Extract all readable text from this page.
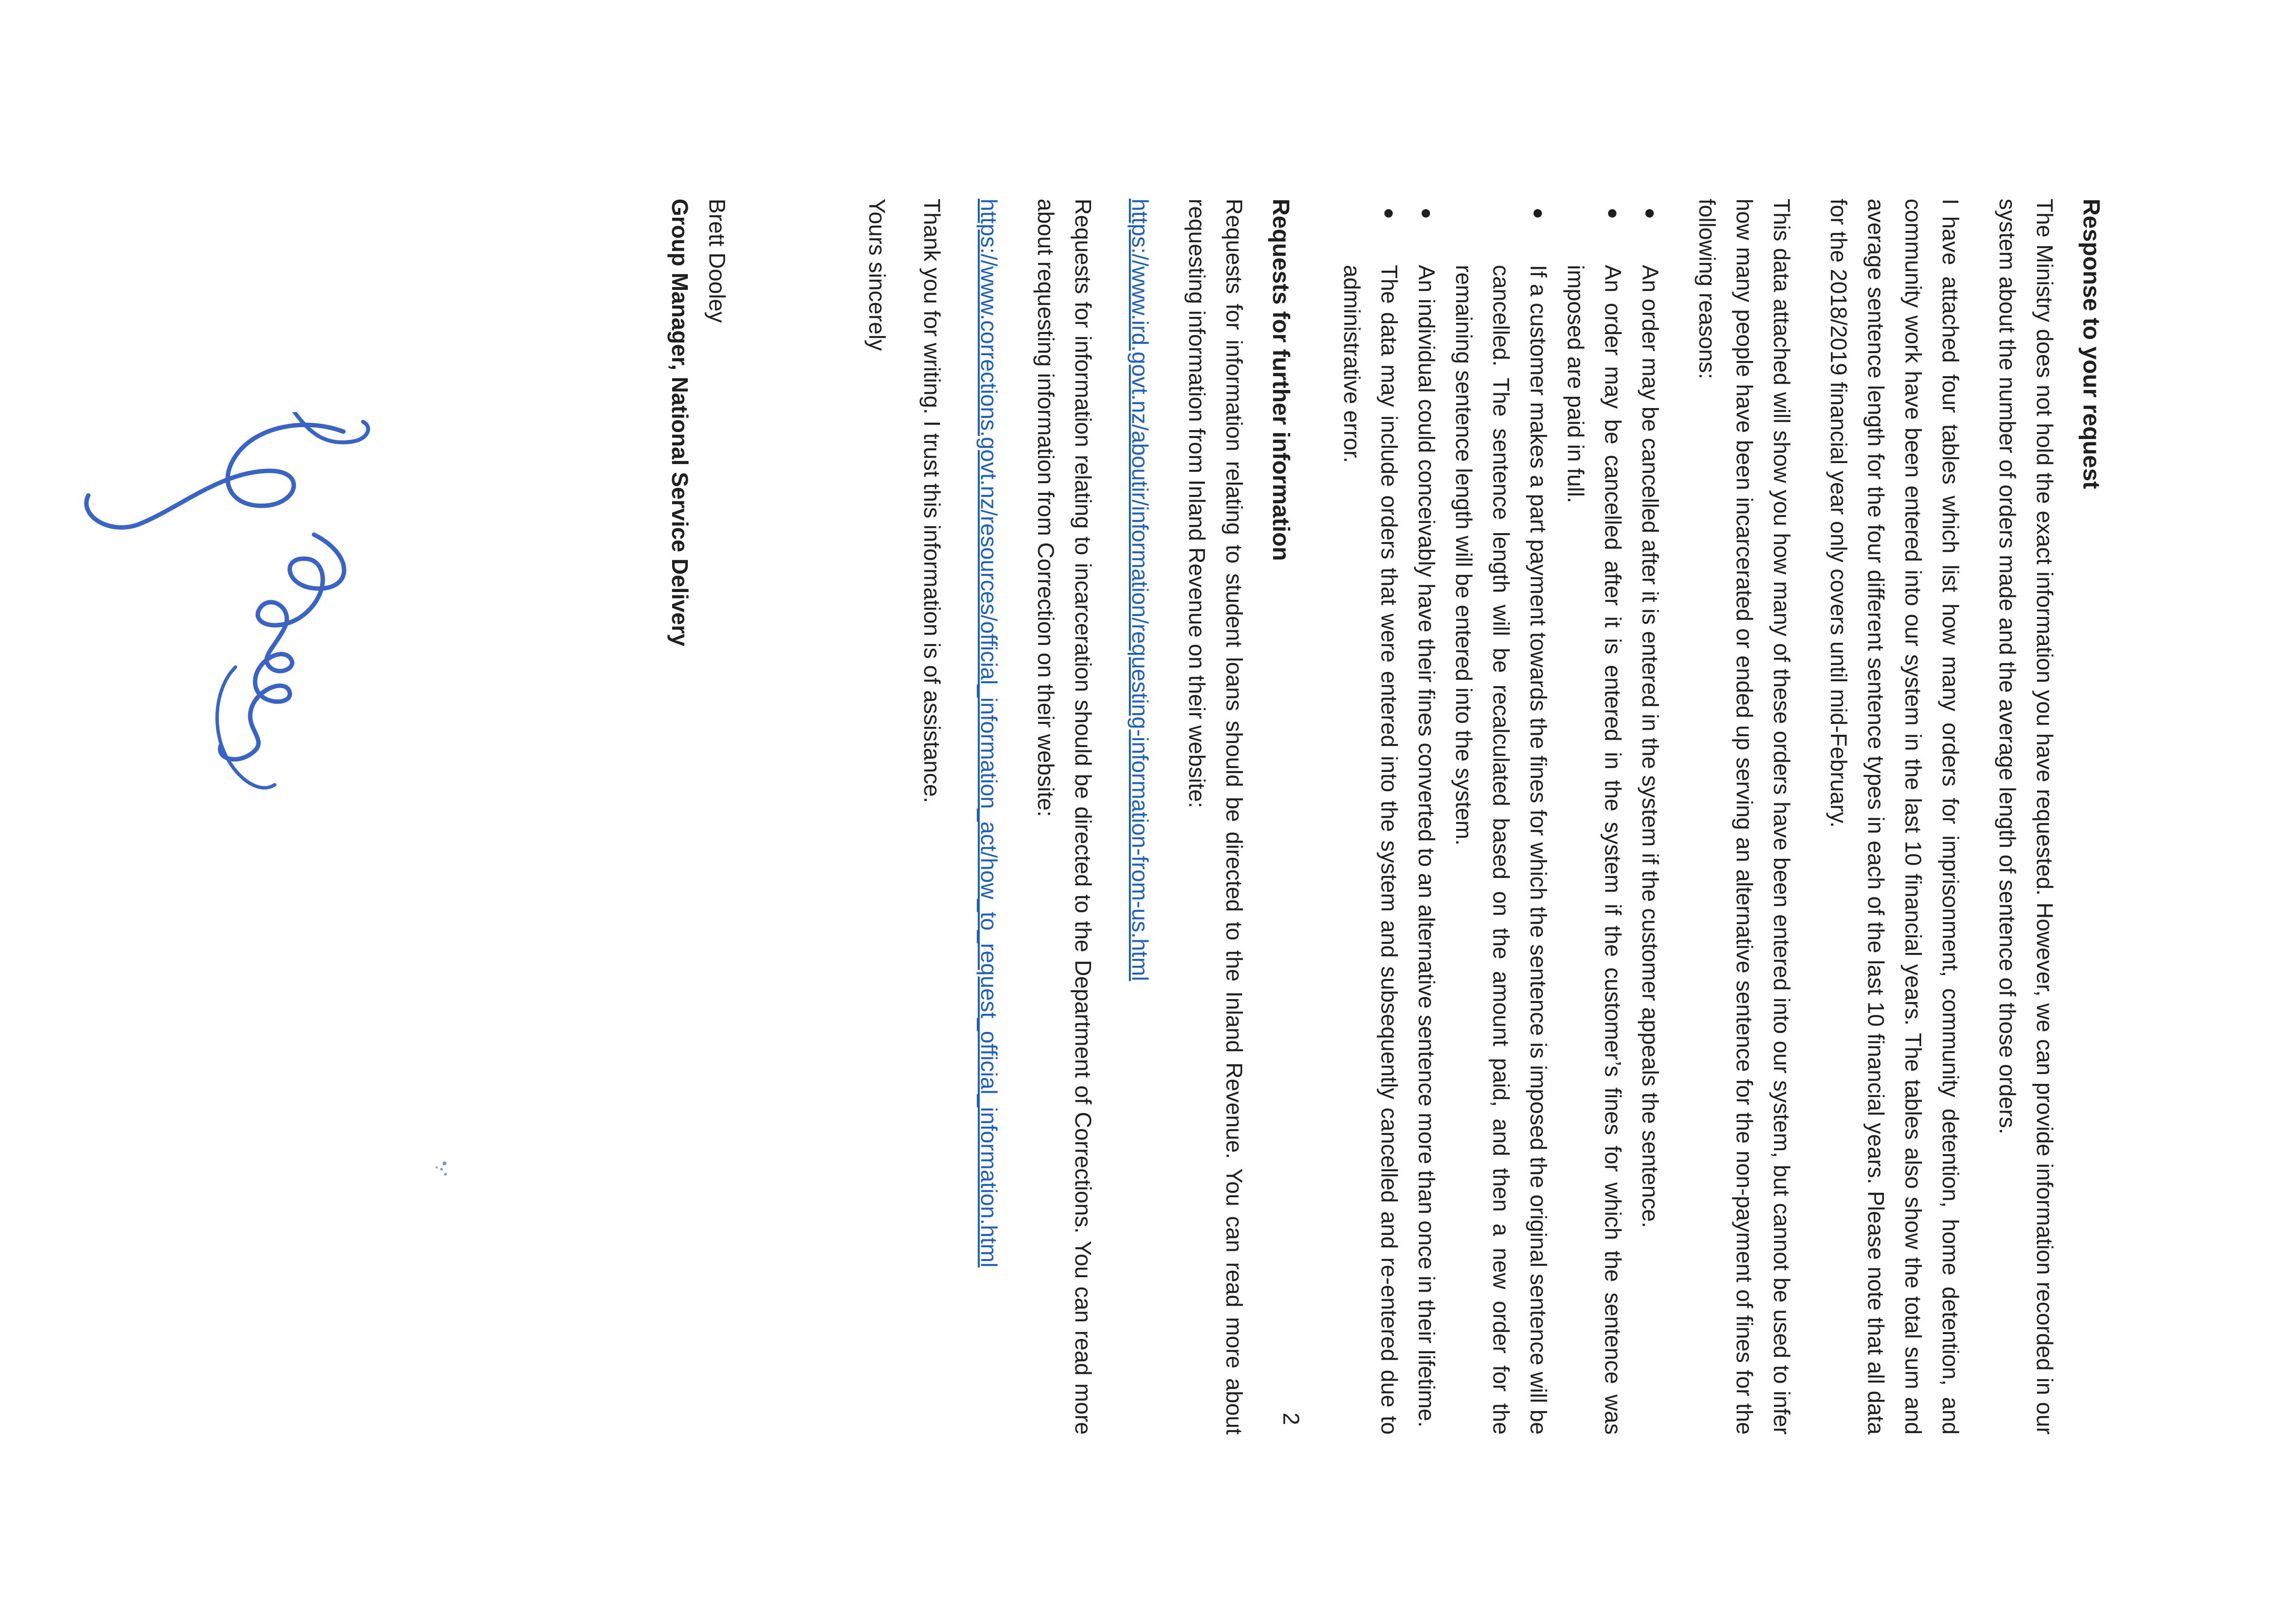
Response to your request
The Ministry does not hold the exact information you have requested. However, we can provide information recorded in our system about the number of orders made and the average length of sentence of those orders.
I have attached four tables which list how many orders for imprisonment, community detention, home detention, and community work have been entered into our system in the last 10 financial years. The tables also show the total sum and average sentence length for the four different sentence types in each of the last 10 financial years. Please note that all data for the 2018/2019 financial year only covers until mid-February.
This data attached will show you how many of these orders have been entered into our system, but cannot be used to infer how many people have been incarcerated or ended up serving an alternative sentence for the non-payment of fines for the following reasons:
●
An order may be cancelled after it is entered in the system if the customer appeals the sentence.
●
An order may be cancelled after it is entered in the system if the customer’s fines for which the sentence was imposed are paid in full.
●
If a customer makes a part payment towards the fines for which the sentence is imposed the original sentence will be cancelled. The sentence length will be recalculated based on the amount paid, and then a new order for the remaining sentence length will be entered into the system.
●
An individual could conceivably have their fines converted to an alternative sentence more than once in their lifetime.
●
The data may include orders that were entered into the system and subsequently cancelled and re-entered due to administrative error.
Requests for further information
Requests for information relating to student loans should be directed to the Inland Revenue. You can read more about requesting information from Inland Revenue on their website:
https://www.ird.govt.nz/aboutir/information/requesting-information-from-us.html
Requests for information relating to incarceration should be directed to the Department of Corrections. You can read more about requesting information from Correction on their website:
https://www.corrections.govt.nz/resources/official_information_act/how_to_request_official_information.html
Thank you for writing. I trust this information is of assistance.
Yours sincerely
Brett Dooley
Group Manager, National Service Delivery
2
